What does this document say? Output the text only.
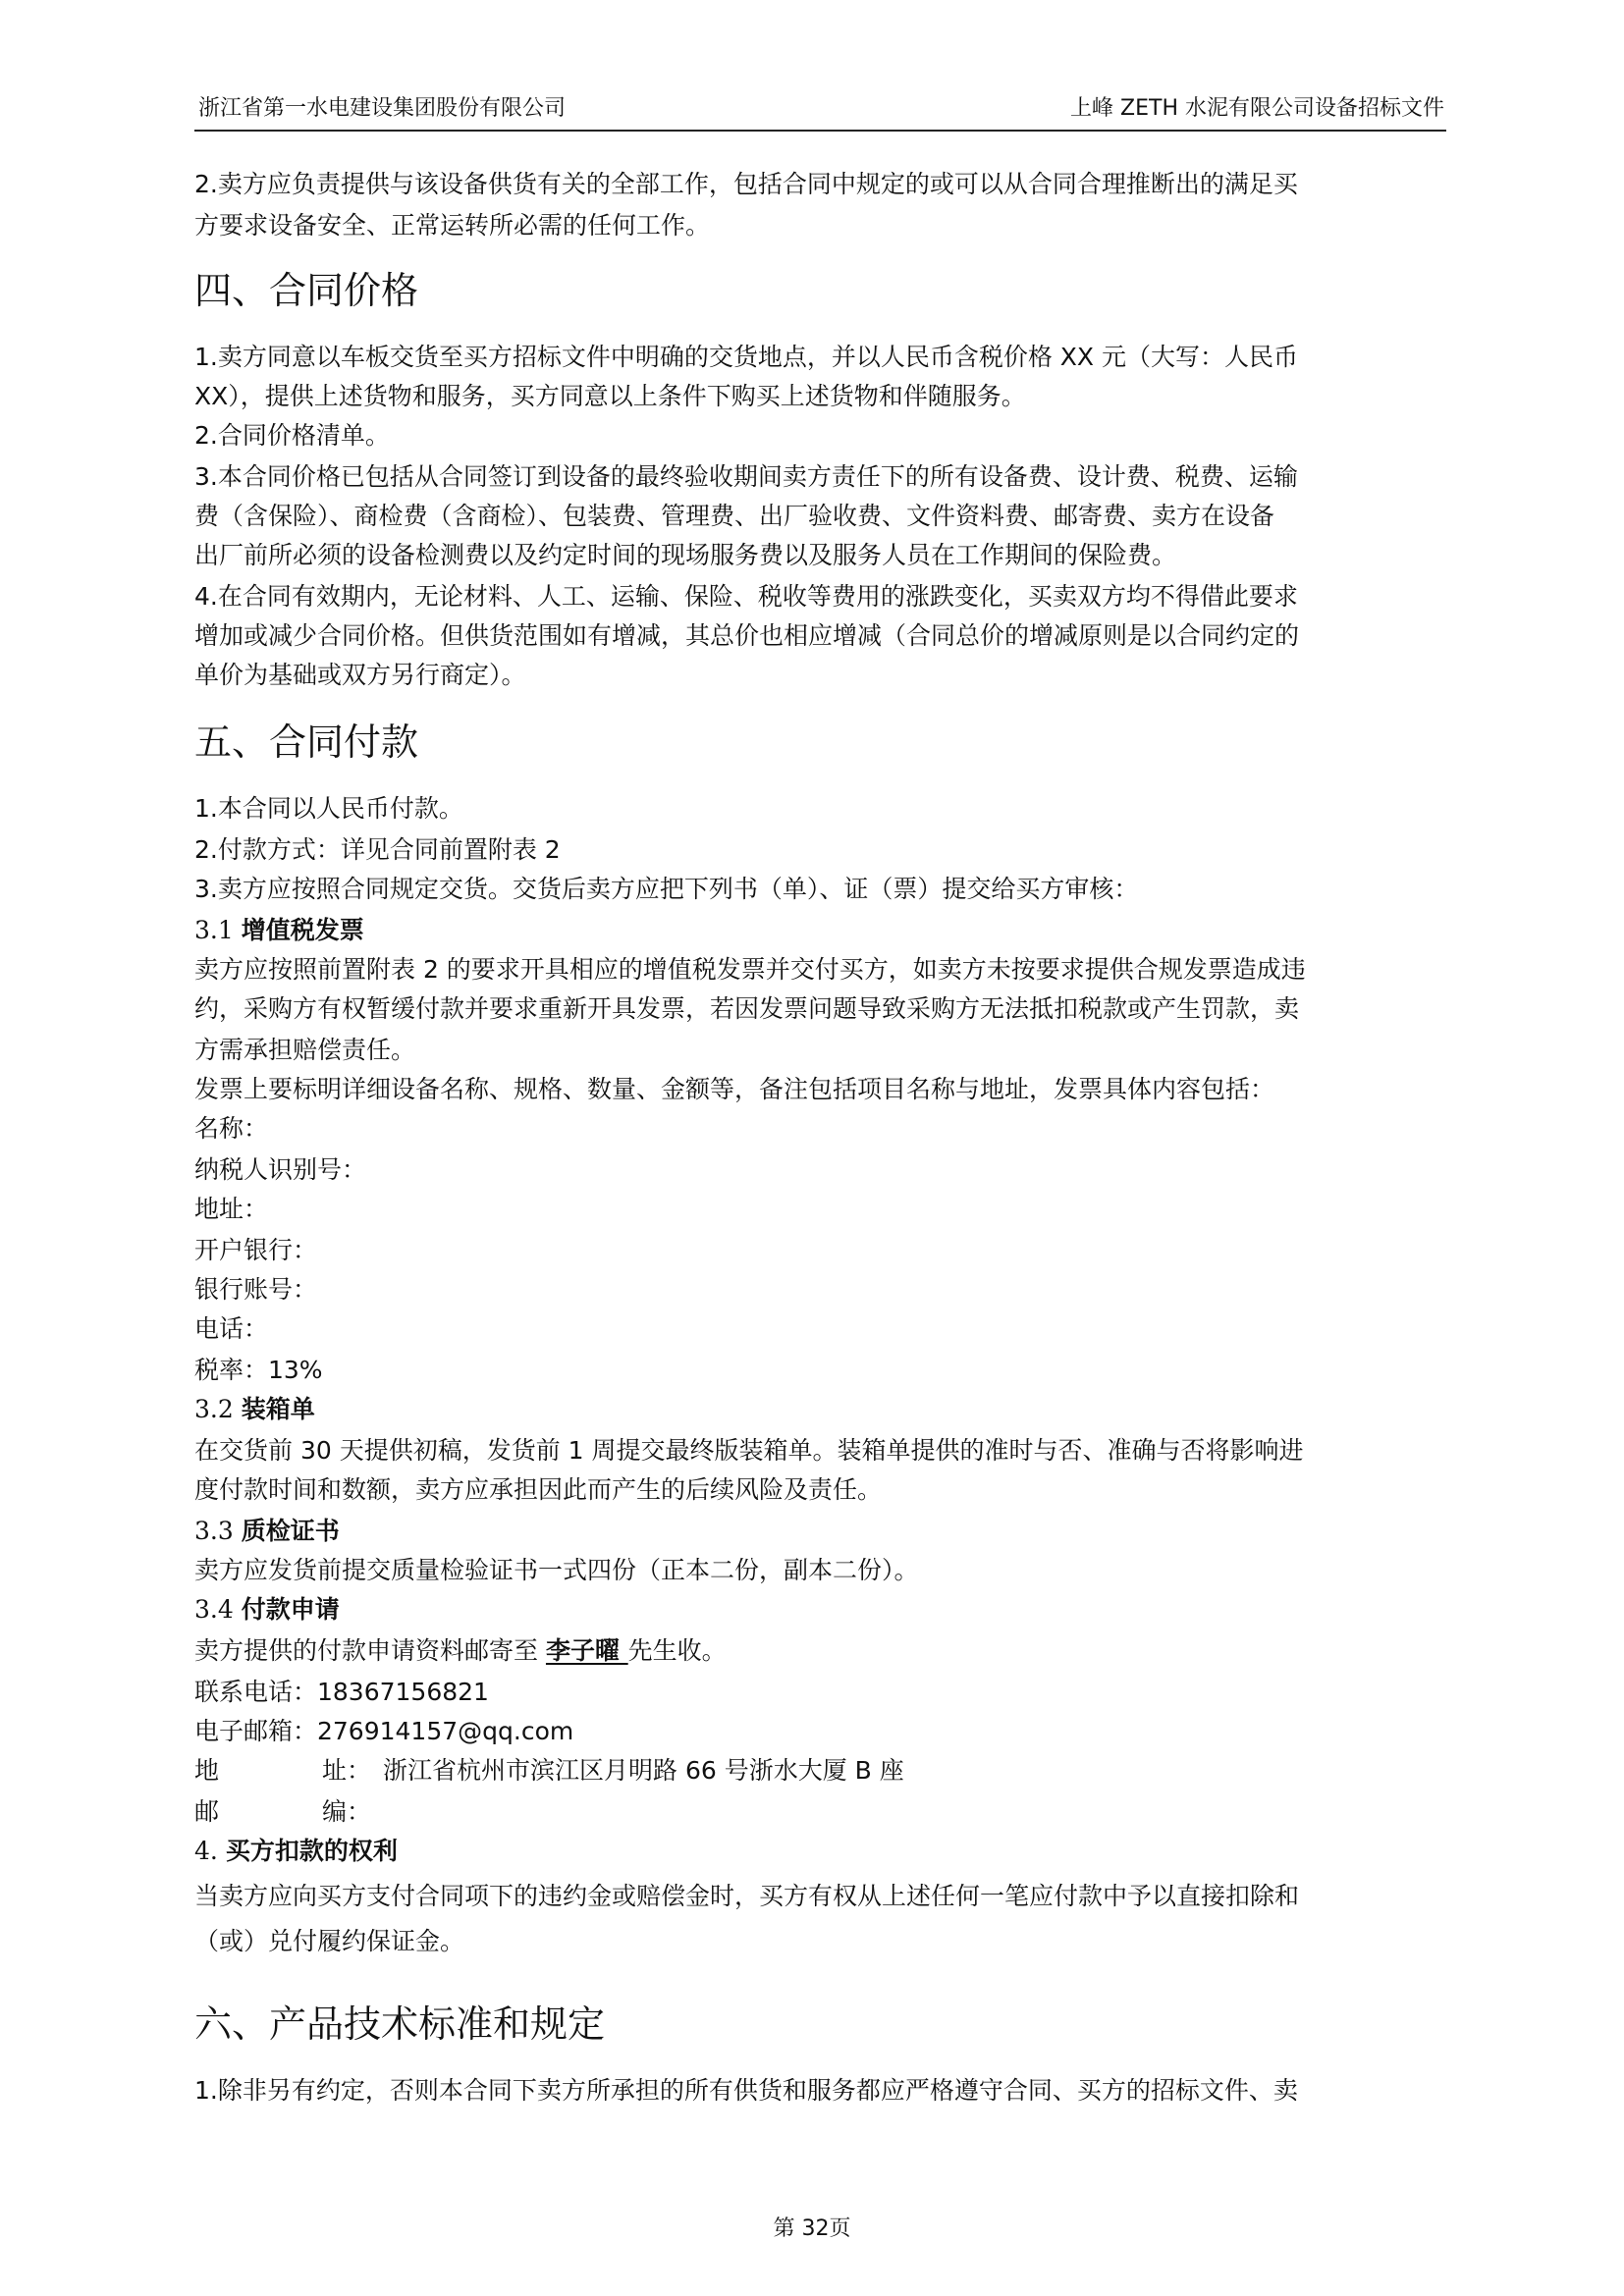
浙江省第一水电建设集团股份有限公司	上峰 ZETH 水泥有限公司设备招标文件
2.卖方应负责提供与该设备供货有关的全部工作，包括合同中规定的或可以从合同合理推断出的满足买
方要求设备安全、正常运转所必需的任何工作。
四、合同价格
1.卖方同意以车板交货至买方招标文件中明确的交货地点，并以人民币含税价格 XX 元（大写：人民币
XX），提供上述货物和服务，买方同意以上条件下购买上述货物和伴随服务。
2.合同价格清单。
3.本合同价格已包括从合同签订到设备的最终验收期间卖方责任下的所有设备费、设计费、税费、运输
费（含保险）、商检费（含商检）、包装费、管理费、出厂验收费、文件资料费、邮寄费、卖方在设备
出厂前所必须的设备检测费以及约定时间的现场服务费以及服务人员在工作期间的保险费。
4.在合同有效期内，无论材料、人工、运输、保险、税收等费用的涨跌变化，买卖双方均不得借此要求
增加或减少合同价格。但供货范围如有增减，其总价也相应增减（合同总价的增减原则是以合同约定的
单价为基础或双方另行商定）。
五、合同付款
1.本合同以人民币付款。
2.付款方式：详见合同前置附表 2
3.卖方应按照合同规定交货。交货后卖方应把下列书（单）、证（票）提交给买方审核：
3.1 增值税发票
卖方应按照前置附表 2 的要求开具相应的增值税发票并交付买方，如卖方未按要求提供合规发票造成违
约，采购方有权暂缓付款并要求重新开具发票，若因发票问题导致采购方无法抵扣税款或产生罚款，卖
方需承担赔偿责任。
发票上要标明详细设备名称、规格、数量、金额等，备注包括项目名称与地址，发票具体内容包括：
名称：
纳税人识别号：
地址：
开户银行：
银行账号：
电话：
税率：13%
3.2 装箱单
在交货前 30 天提供初稿，发货前 1 周提交最终版装箱单。装箱单提供的准时与否、准确与否将影响进
度付款时间和数额，卖方应承担因此而产生的后续风险及责任。
3.3 质检证书
卖方应发货前提交质量检验证书一式四份（正本二份，副本二份）。
3.4 付款申请
卖方提供的付款申请资料邮寄至 李子曜 先生收。
联系电话：18367156821
电子邮箱：276914157@qq.com
地	址： 浙江省杭州市滨江区月明路 66 号浙水大厦 B 座
邮	编：
4. 买方扣款的权利
当卖方应向买方支付合同项下的违约金或赔偿金时，买方有权从上述任何一笔应付款中予以直接扣除和
（或）兑付履约保证金。
六、产品技术标准和规定
1.除非另有约定，否则本合同下卖方所承担的所有供货和服务都应严格遵守合同、买方的招标文件、卖
第 32页
